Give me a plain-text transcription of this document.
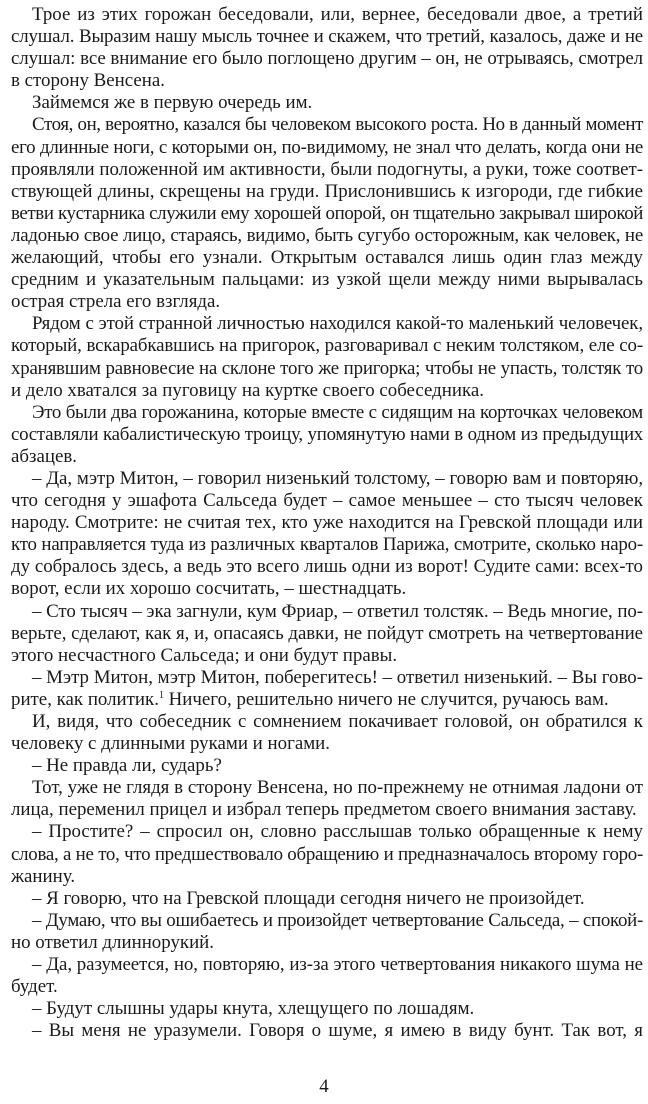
Трое из этих горожан беседовали, или, вернее, беседовали двое, а третий
слушал. Выразим нашу мысль точнее и скажем, что третий, казалось, даже и не
слушал: все внимание его было поглощено другим – он, не отрываясь, смотрел
в сторону Венсена.
Займемся же в первую очередь им.
Стоя, он, вероятно, казался бы человеком высокого роста. Но в данный момент
его длинные ноги, с которыми он, по-видимому, не знал что делать, когда они не
проявляли положенной им активности, были подогнуты, а руки, тоже соответ-
ствующей длины, скрещены на груди. Прислонившись к изгороди, где гибкие
ветви кустарника служили ему хорошей опорой, он тщательно закрывал широкой
ладонью свое лицо, стараясь, видимо, быть сугубо осторожным, как человек, не
желающий, чтобы его узнали. Открытым оставался лишь один глаз между
средним и указательным пальцами: из узкой щели между ними вырывалась
острая стрела его взгляда.
Рядом с этой странной личностью находился какой-то маленький человечек,
который, вскарабкавшись на пригорок, разговаривал с неким толстяком, еле со-
хранявшим равновесие на склоне того же пригорка; чтобы не упасть, толстяк то
и дело хватался за пуговицу на куртке своего собеседника.
Это были два горожанина, которые вместе с сидящим на корточках человеком
составляли кабалистическую троицу, упомянутую нами в одном из предыдущих
абзацев.
– Да, мэтр Митон, – говорил низенький толстому, – говорю вам и повторяю,
что сегодня у эшафота Сальседа будет – самое меньшее – сто тысяч человек
народу. Смотрите: не считая тех, кто уже находится на Гревской площади или
кто направляется туда из различных кварталов Парижа, смотрите, сколько наро-
ду собралось здесь, а ведь это всего лишь одни из ворот! Судите сами: всех-то
ворот, если их хорошо сосчитать, – шестнадцать.
– Сто тысяч – эка загнули, кум Фриар, – ответил толстяк. – Ведь многие, по-
верьте, сделают, как я, и, опасаясь давки, не пойдут смотреть на четвертование
этого несчастного Сальседа; и они будут правы.
– Мэтр Митон, мэтр Митон, поберегитесь! – ответил низенький. – Вы гово-
рите, как политик.$^1$ Ничего, решительно ничего не случится, ручаюсь вам.
И, видя, что собеседник с сомнением покачивает головой, он обратился к
человеку с длинными руками и ногами.
– Не правда ли, сударь?
Тот, уже не глядя в сторону Венсена, но по-прежнему не отнимая ладони от
лица, переменил прицел и избрал теперь предметом своего внимания заставу.
– Простите? – спросил он, словно расслышав только обращенные к нему
слова, а не то, что предшествовало обращению и предназначалось второму горо-
жанину.
– Я говорю, что на Гревской площади сегодня ничего не произойдет.
– Думаю, что вы ошибаетесь и произойдет четвертование Сальседа, – спокой-
но ответил длиннорукий.
– Да, разумеется, но, повторяю, из-за этого четвертования никакого шума не
будет.
– Будут слышны удары кнута, хлещущего по лошадям.
– Вы меня не уразумели. Говоря о шуме, я имею в виду бунт. Так вот, я
4
